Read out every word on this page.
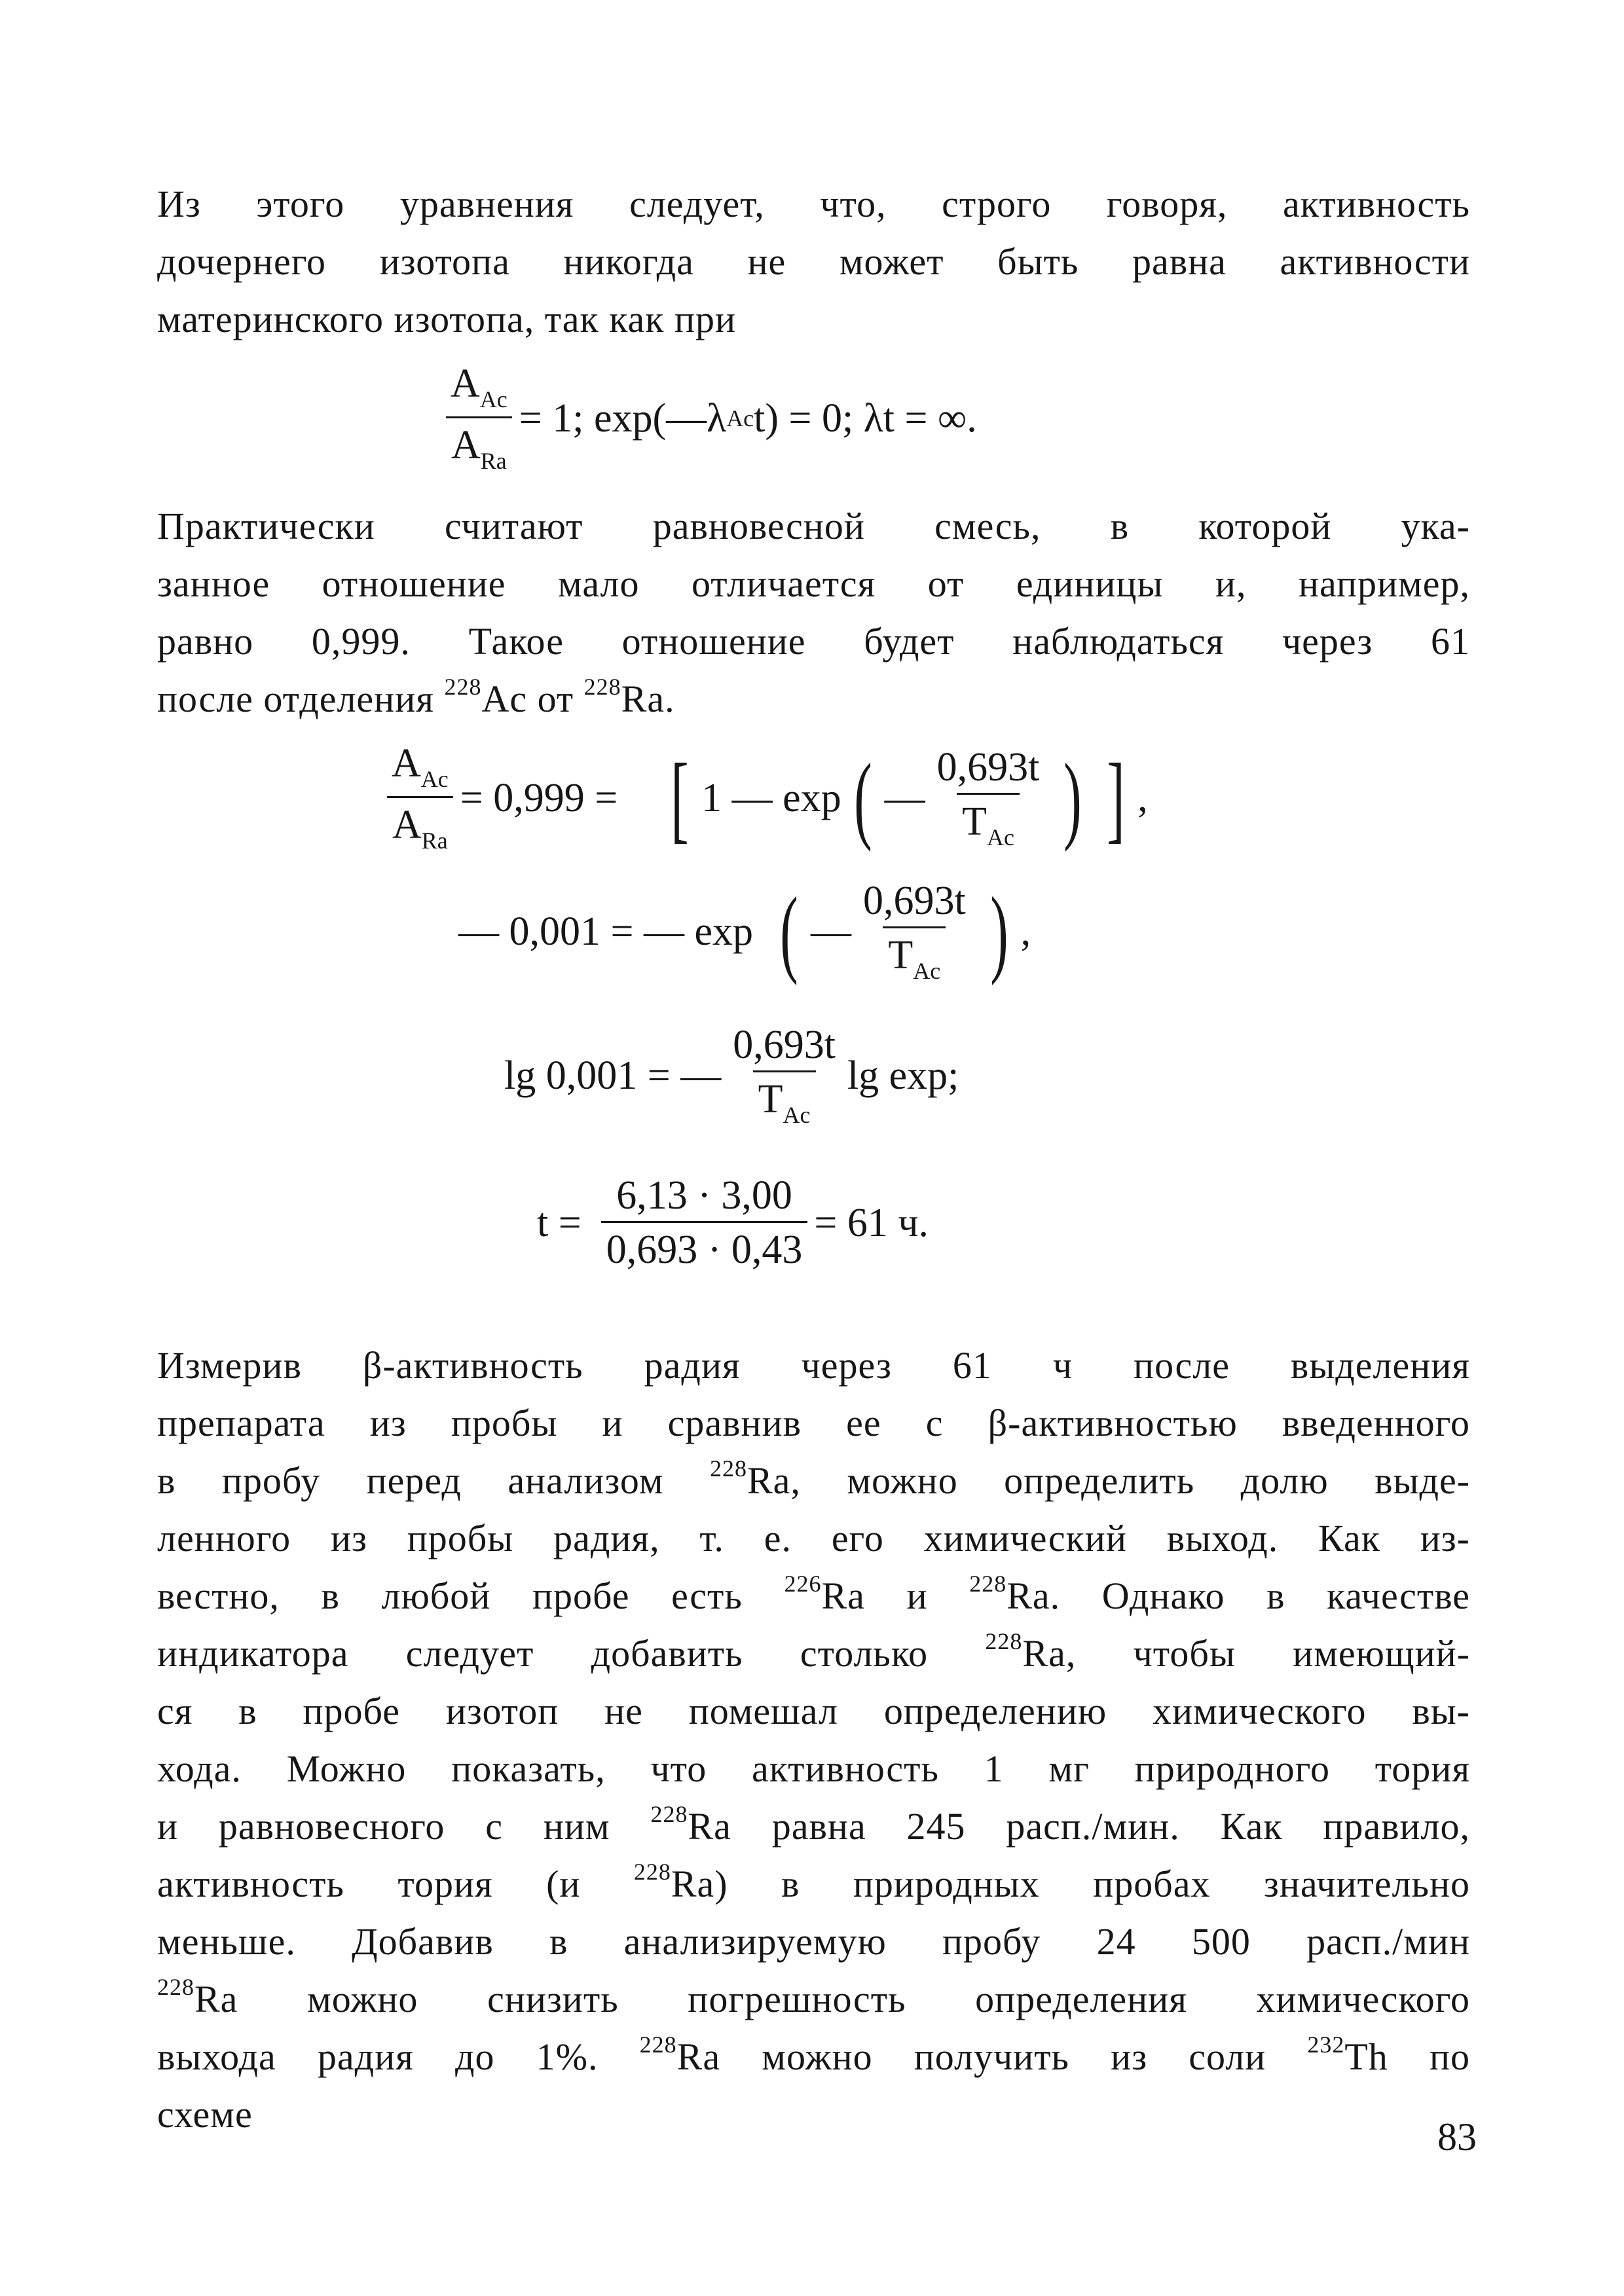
Из этого уравнения следует, что, строго говоря, активность
дочернего изотопа никогда не может быть равна активности
материнского изотопа, так как при
$\frac{A_{Ac}}{A_{Ra}} = 1$; exp(—λ Ac t) = 0; λt = ∞.
Практически считают равновесной смесь, в которой ука-
занное отношение мало отличается от единицы и, например,
равно 0,999. Такое отношение будет наблюдаться через 61
после отделения $^{228}$Ac от $^{228}$Ra.
$\frac{A_{Ac}}{A_{Ra}} = 0,999$ = [ 1 — exp ( — $\frac{0,693t}{T_{Ac}}$ ) ] ,
— 0,001 = — exp ( — $\frac{0,693t}{T_{Ac}}$ ) ,
lg 0,001 = — $\frac{0,693t}{T_{Ac}}$ lg exp;
$t = \frac{6,13 \cdot 3,00}{0,693 \cdot 0,43} = 61$ ч.
Измерив β-активность радия через 61 ч после выделения
препарата из пробы и сравнив ее с β-активностью введенного
в пробу перед анализом $^{228}$Ra, можно определить долю выде-
ленного из пробы радия, т. е. его химический выход. Как из-
вестно, в любой пробе есть $^{226}$Ra и $^{228}$Ra. Однако в качестве
индикатора следует добавить столько $^{228}$Ra, чтобы имеющий-
ся в пробе изотоп не помешал определению химического вы-
хода. Можно показать, что активность 1 мг природного тория
и равновесного с ним $^{228}$Ra равна 245 расп./мин. Как правило,
активность тория (и $^{228}$Ra) в природных пробах значительно
меньше. Добавив в анализируемую пробу 24 500 расп./мин
$^{228}$Ra можно снизить погрешность определения химического
выхода радия до 1%. $^{228}$Ra можно получить из соли $^{232}$Th по
схеме
83
